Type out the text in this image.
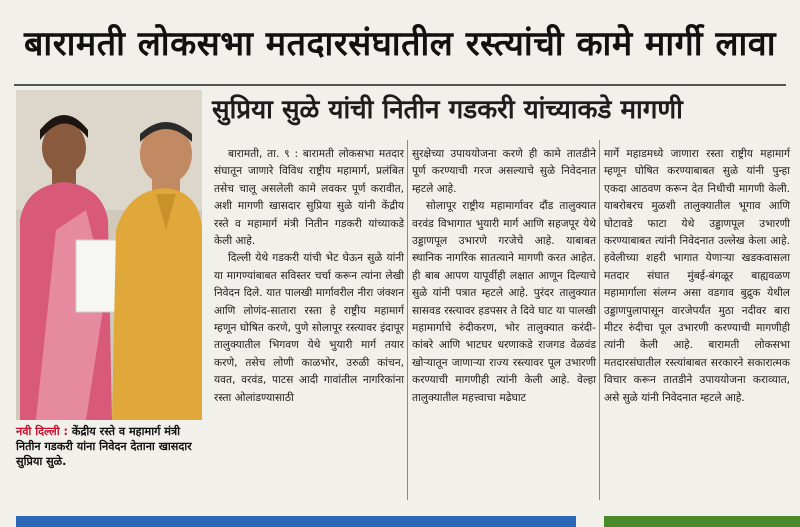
बारामती लोकसभा मतदारसंघातील रस्त्यांची कामे मार्गी लावा
सुप्रिया सुळे यांची नितीन गडकरी यांच्याकडे मागणी
नवी दिल्ली : केंद्रीय रस्ते व महामार्ग मंत्री नितीन गडकरी यांना निवेदन देताना खासदार सुप्रिया सुळे.

बारामती, ता. ९ : बारामती लोकसभा मतदार संघातून जाणारे विविध राष्ट्रीय महामार्ग, प्रलंबित तसेच चालू असलेली कामे लवकर पूर्ण करावीत, अशी मागणी खासदार सुप्रिया सुळे यांनी केंद्रीय रस्ते व महामार्ग मंत्री नितीन गडकरी यांच्याकडे केली आहे.

दिल्ली येथे गडकरी यांची भेट घेऊन सुळे यांनी या मागण्यांबाबत सविस्तर चर्चा करून त्यांना लेखी निवेदन दिले. यात पालखी मार्गावरील नीरा जंक्शन आणि लोणंद-सातारा रस्ता हे राष्ट्रीय महामार्ग म्हणून घोषित करणे, पुणे सोलापूर रस्त्यावर इंदापूर तालुक्यातील भिगवण येथे भुयारी मार्ग तयार करणे, तसेच लोणी काळभोर, उरुळी कांचन, यवत, वरवंड, पाटस आदी गावांतील नागरिकांना रस्ता ओलांडण्यासाठी

सुरक्षेच्या उपाययोजना करणे ही कामे तातडीने पूर्ण करण्याची गरज असल्याचे सुळे निवेदनात म्हटले आहे.

सोलापूर राष्ट्रीय महामार्गावर दौंड तालुक्यात वरवंड विभागात भुयारी मार्ग आणि सहजपूर येथे उड्डाणपूल उभारणे गरजेचे आहे. याबाबत स्थानिक नागरिक सातत्याने मागणी करत आहेत. ही बाब आपण यापूर्वीही लक्षात आणून दिल्याचे सुळे यांनी पत्रात म्हटले आहे. पुरंदर तालुक्यात सासवड रस्त्यावर हडपसर ते दिवे घाट या पालखी महामार्गाचे रुंदीकरण, भोर तालुक्यात करंदी-कांबरे आणि भाटघर धरणाकडे राजगड वेळवंड खोऱ्यातून जाणाऱ्या राज्य रस्त्यावर पूल उभारणी करण्याची मागणीही त्यांनी केली आहे. वेल्हा तालुक्यातील महत्त्वाचा मढेघाट

मार्गे महाडमध्ये जाणारा रस्ता राष्ट्रीय महामार्ग म्हणून घोषित करण्याबाबत सुळे यांनी पुन्हा एकदा आठवण करून देत निधीची मागणी केली. याबरोबरच मुळशी तालुक्यातील भूगाव आणि घोटावडे फाटा येथे उड्डाणपूल उभारणी करण्याबाबत त्यांनी निवेदनात उल्लेख केला आहे. हवेलीच्या शहरी भागात येणाऱ्या खडकवासला मतदार संघात मुंबई-बंगळूर बाह्यवळण महामार्गाला संलग्न असा वडगाव बुद्रुक येथील उड्डाणपुलापासून वारजेपर्यंत मुठा नदीवर बारा मीटर रुंदीचा पूल उभारणी करण्याची मागणीही त्यांनी केली आहे. बारामती लोकसभा मतदारसंघातील रस्त्यांबाबत सरकारने सकारात्मक विचार करून तातडीने उपाययोजना कराव्यात, असे सुळे यांनी निवेदनात म्हटले आहे.
